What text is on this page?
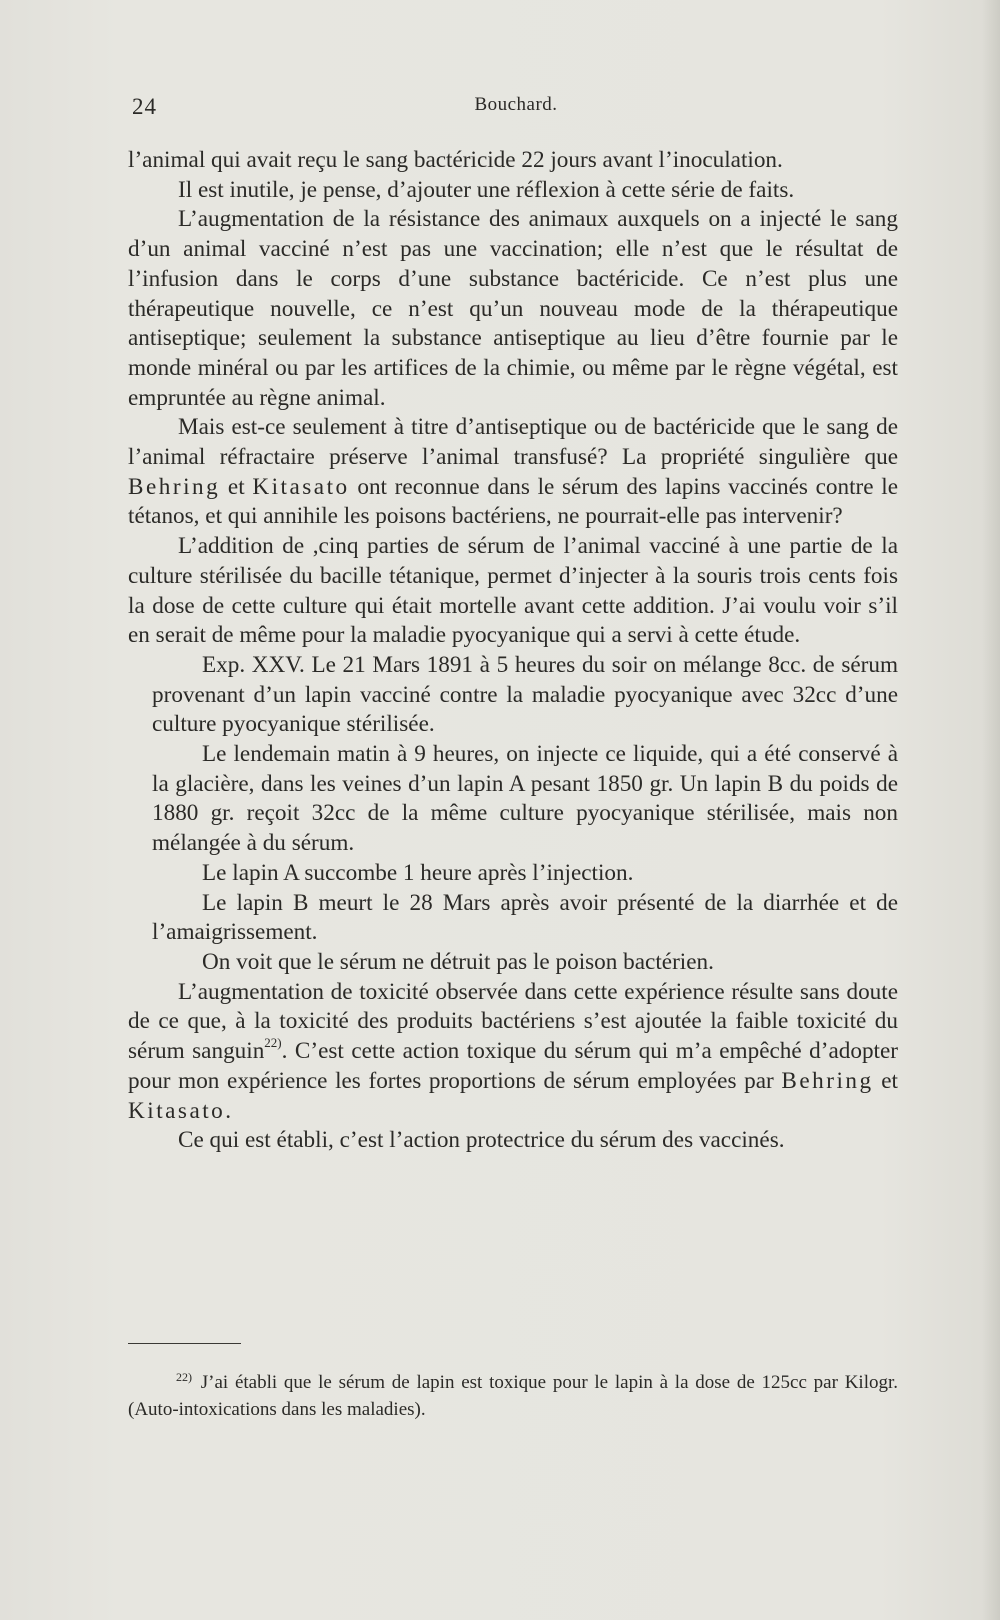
24	Bouchard.

l’animal qui avait reçu le sang bactéricide 22 jours avant l’inoculation.

Il est inutile, je pense, d’ajouter une réflexion à cette série de faits.

L’augmentation de la résistance des animaux auxquels on a injecté le sang d’un animal vacciné n’est pas une vaccination; elle n’est que le résultat de l’infusion dans le corps d’une substance bactéricide. Ce n’est plus une thérapeutique nouvelle, ce n’est qu’un nouveau mode de la thérapeutique antiseptique; seulement la substance antiseptique au lieu d’être fournie par le monde minéral ou par les artifices de la chimie, ou même par le règne végétal, est empruntée au règne animal.

Mais est-ce seulement à titre d’antiseptique ou de bactéricide que le sang de l’animal réfractaire préserve l’animal transfusé? La propriété singulière que Behring et Kitasato ont reconnue dans le sérum des lapins vaccinés contre le tétanos, et qui annihile les poisons bactériens, ne pourrait-elle pas intervenir?

L’addition de ,cinq parties de sérum de l’animal vacciné à une partie de la culture stérilisée du bacille tétanique, permet d’injecter à la souris trois cents fois la dose de cette culture qui était mortelle avant cette addition. J’ai voulu voir s’il en serait de même pour la maladie pyocyanique qui a servi à cette étude.

Exp. XXV. Le 21 Mars 1891 à 5 heures du soir on mélange 8cc. de sérum provenant d’un lapin vacciné contre la maladie pyocyanique avec 32cc d’une culture pyocyanique stérilisée.

Le lendemain matin à 9 heures, on injecte ce liquide, qui a été conservé à la glacière, dans les veines d’un lapin A pesant 1850 gr. Un lapin B du poids de 1880 gr. reçoit 32cc de la même culture pyocyanique stérilisée, mais non mélangée à du sérum.

Le lapin A succombe 1 heure après l’injection.

Le lapin B meurt le 28 Mars après avoir présenté de la diarrhée et de l’amaigrissement.

On voit que le sérum ne détruit pas le poison bactérien.

L’augmentation de toxicité observée dans cette expérience résulte sans doute de ce que, à la toxicité des produits bactériens s’est ajoutée la faible toxicité du sérum sanguin$^{22)}$. C’est cette action toxique du sérum qui m’a empêché d’adopter pour mon expérience les fortes proportions de sérum employées par Behring et Kitasato.

Ce qui est établi, c’est l’action protectrice du sérum des vaccinés.

$^{22)}$ J’ai établi que le sérum de lapin est toxique pour le lapin à la dose de 125cc par Kilogr. (Auto-intoxications dans les maladies).
